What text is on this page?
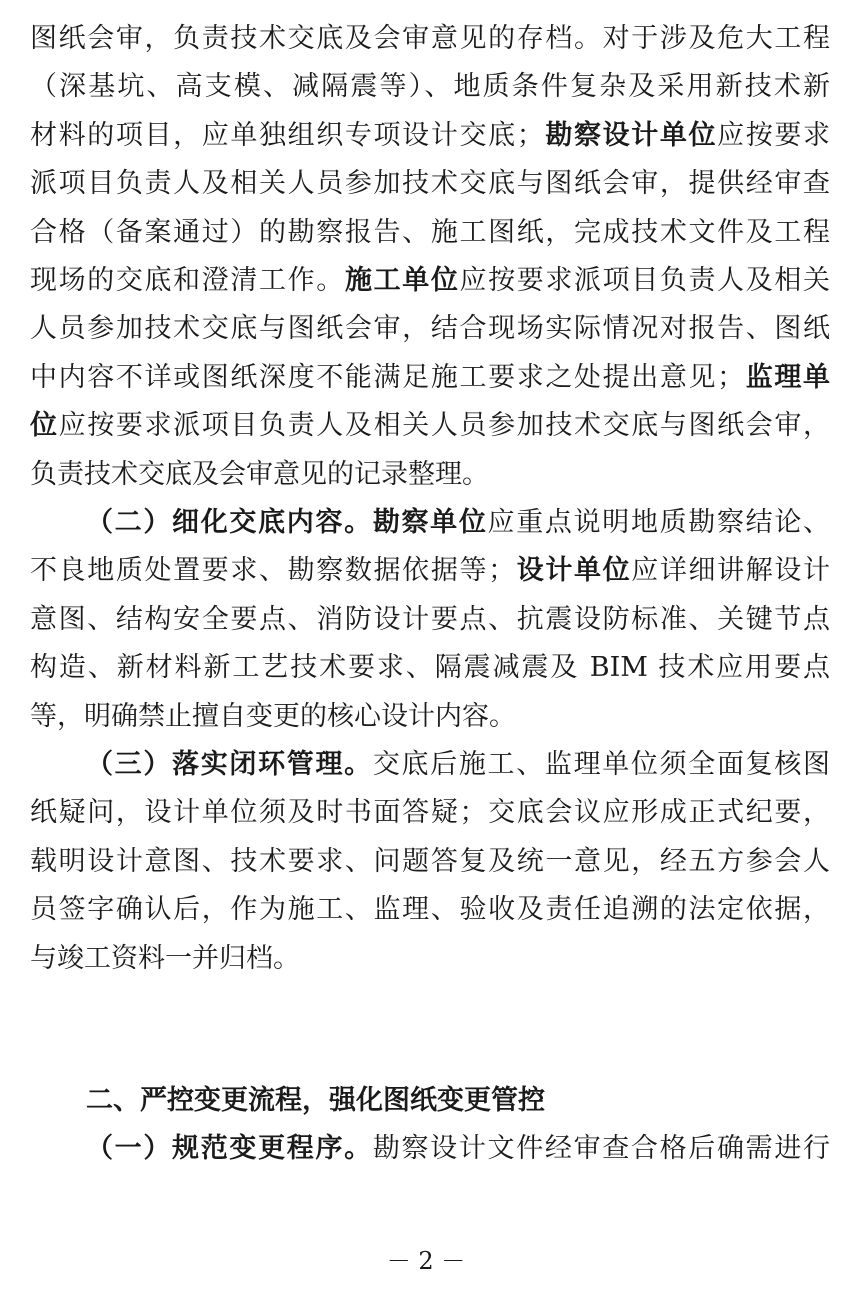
图纸会审，负责技术交底及会审意见的存档。对于涉及危大工程
（深基坑、高支模、减隔震等）、地质条件复杂及采用新技术新
材料的项目，应单独组织专项设计交底；勘察设计单位应按要求
派项目负责人及相关人员参加技术交底与图纸会审，提供经审查
合格（备案通过）的勘察报告、施工图纸，完成技术文件及工程
现场的交底和澄清工作。施工单位应按要求派项目负责人及相关
人员参加技术交底与图纸会审，结合现场实际情况对报告、图纸
中内容不详或图纸深度不能满足施工要求之处提出意见；监理单
位应按要求派项目负责人及相关人员参加技术交底与图纸会审，
负责技术交底及会审意见的记录整理。
（二）细化交底内容。勘察单位应重点说明地质勘察结论、
不良地质处置要求、勘察数据依据等；设计单位应详细讲解设计
意图、结构安全要点、消防设计要点、抗震设防标准、关键节点
构造、新材料新工艺技术要求、隔震减震及 BIM 技术应用要点
等，明确禁止擅自变更的核心设计内容。
（三）落实闭环管理。交底后施工、监理单位须全面复核图
纸疑问，设计单位须及时书面答疑；交底会议应形成正式纪要，
载明设计意图、技术要求、问题答复及统一意见，经五方参会人
员签字确认后，作为施工、监理、验收及责任追溯的法定依据，
与竣工资料一并归档。
二、严控变更流程，强化图纸变更管控
（一）规范变更程序。勘察设计文件经审查合格后确需进行
－ 2 －
